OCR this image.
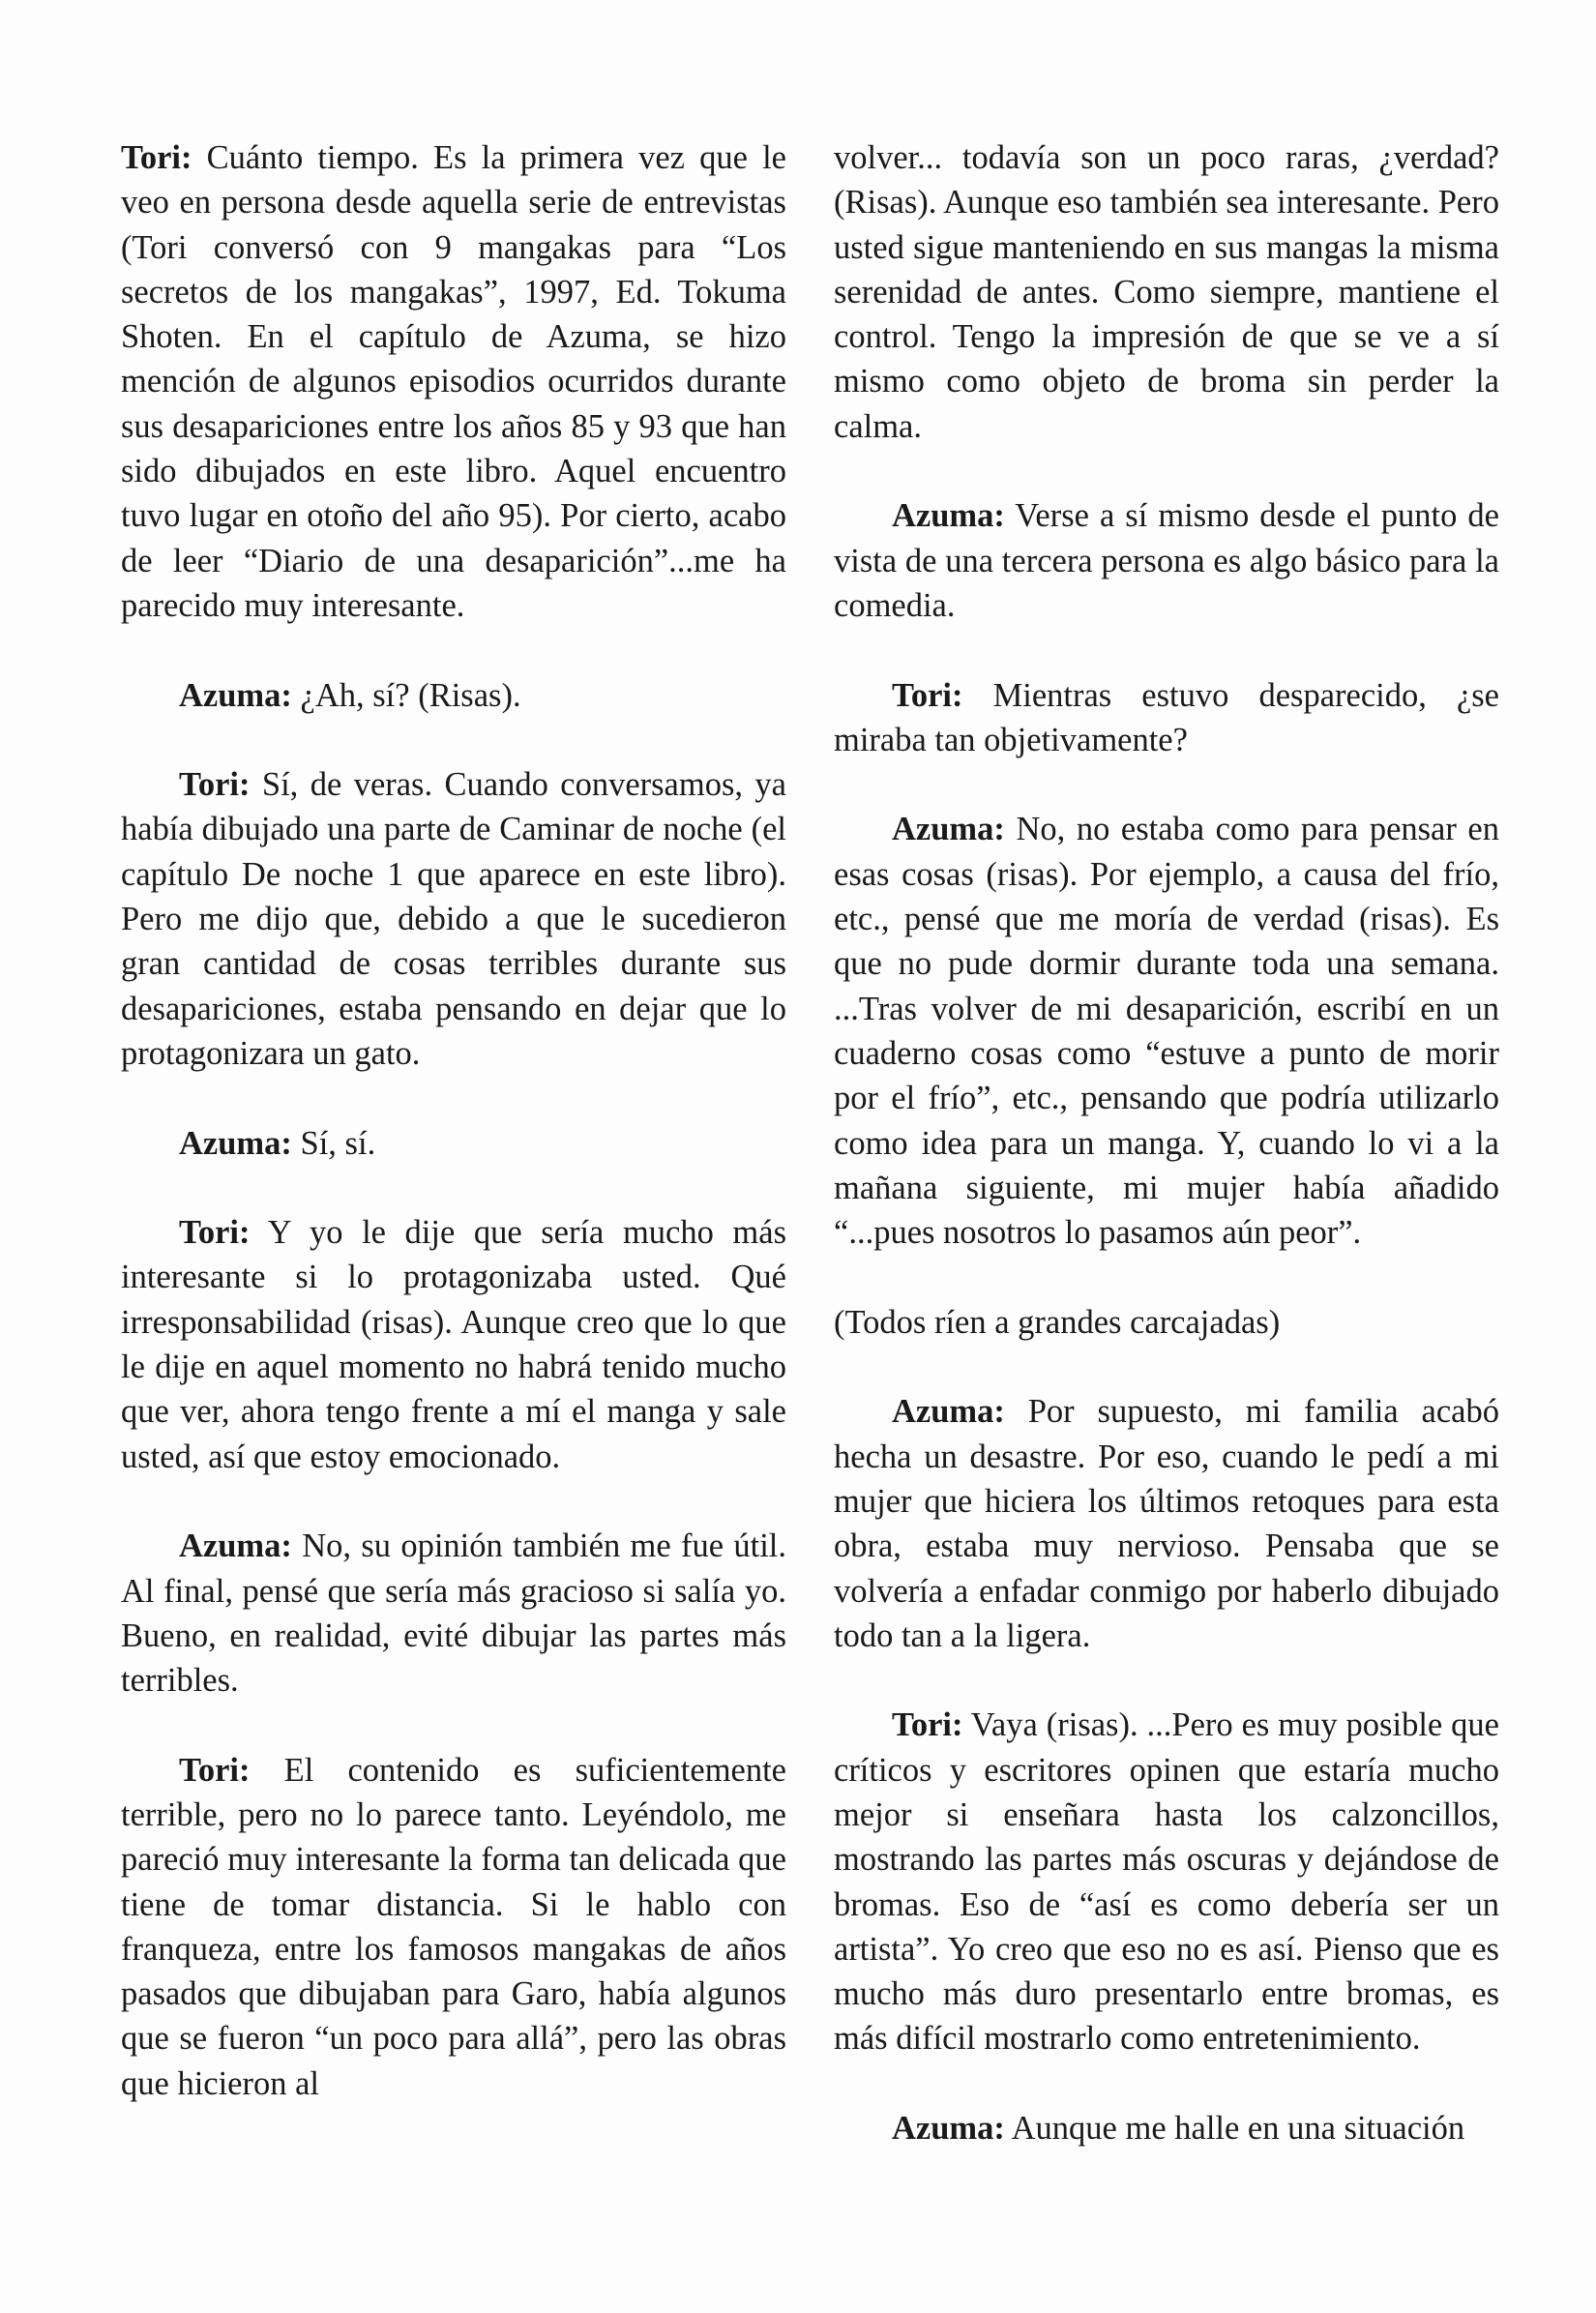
Tori: Cuánto tiempo. Es la primera vez que le veo en persona desde aquella serie de entrevistas (Tori conversó con 9 mangakas para “Los secretos de los mangakas”, 1997, Ed. Tokuma Shoten. En el capítulo de Azuma, se hizo mención de algunos episodios ocurridos durante sus desapariciones entre los años 85 y 93 que han sido dibujados en este libro. Aquel encuentro tuvo lugar en otoño del año 95). Por cierto, acabo de leer “Diario de una desaparición”...me ha parecido muy interesante.

Azuma: ¿Ah, sí? (Risas).

Tori: Sí, de veras. Cuando conversamos, ya había dibujado una parte de Caminar de noche (el capítulo De noche 1 que aparece en este libro). Pero me dijo que, debido a que le sucedieron gran cantidad de cosas terribles durante sus desapariciones, estaba pensando en dejar que lo protagonizara un gato.

Azuma: Sí, sí.

Tori: Y yo le dije que sería mucho más interesante si lo protagonizaba usted. Qué irresponsabilidad (risas). Aunque creo que lo que le dije en aquel momento no habrá tenido mucho que ver, ahora tengo frente a mí el manga y sale usted, así que estoy emocionado.

Azuma: No, su opinión también me fue útil. Al final, pensé que sería más gracioso si salía yo. Bueno, en realidad, evité dibujar las partes más terribles.

Tori: El contenido es suficientemente terrible, pero no lo parece tanto. Leyéndolo, me pareció muy interesante la forma tan delicada que tiene de tomar distancia. Si le hablo con franqueza, entre los famosos mangakas de años pasados que dibujaban para Garo, había algunos que se fueron “un poco para allá”, pero las obras que hicieron al

volver... todavía son un poco raras, ¿verdad? (Risas). Aunque eso también sea interesante. Pero usted sigue manteniendo en sus mangas la misma serenidad de antes. Como siempre, mantiene el control. Tengo la impresión de que se ve a sí mismo como objeto de broma sin perder la calma.

Azuma: Verse a sí mismo desde el punto de vista de una tercera persona es algo básico para la comedia.

Tori: Mientras estuvo desparecido, ¿se miraba tan objetivamente?

Azuma: No, no estaba como para pensar en esas cosas (risas). Por ejemplo, a causa del frío, etc., pensé que me moría de verdad (risas). Es que no pude dormir durante toda una semana. ...Tras volver de mi desaparición, escribí en un cuaderno cosas como “estuve a punto de morir por el frío”, etc., pensando que podría utilizarlo como idea para un manga. Y, cuando lo vi a la mañana siguiente, mi mujer había añadido “...pues nosotros lo pasamos aún peor”.

(Todos ríen a grandes carcajadas)

Azuma: Por supuesto, mi familia acabó hecha un desastre. Por eso, cuando le pedí a mi mujer que hiciera los últimos retoques para esta obra, estaba muy nervioso. Pensaba que se volvería a enfadar conmigo por haberlo dibujado todo tan a la ligera.

Tori: Vaya (risas). ...Pero es muy posible que críticos y escritores opinen que estaría mucho mejor si enseñara hasta los calzoncillos, mostrando las partes más oscuras y dejándose de bromas. Eso de “así es como debería ser un artista”. Yo creo que eso no es así. Pienso que es mucho más duro presentarlo entre bromas, es más difícil mostrarlo como entretenimiento.

Azuma: Aunque me halle en una situación
